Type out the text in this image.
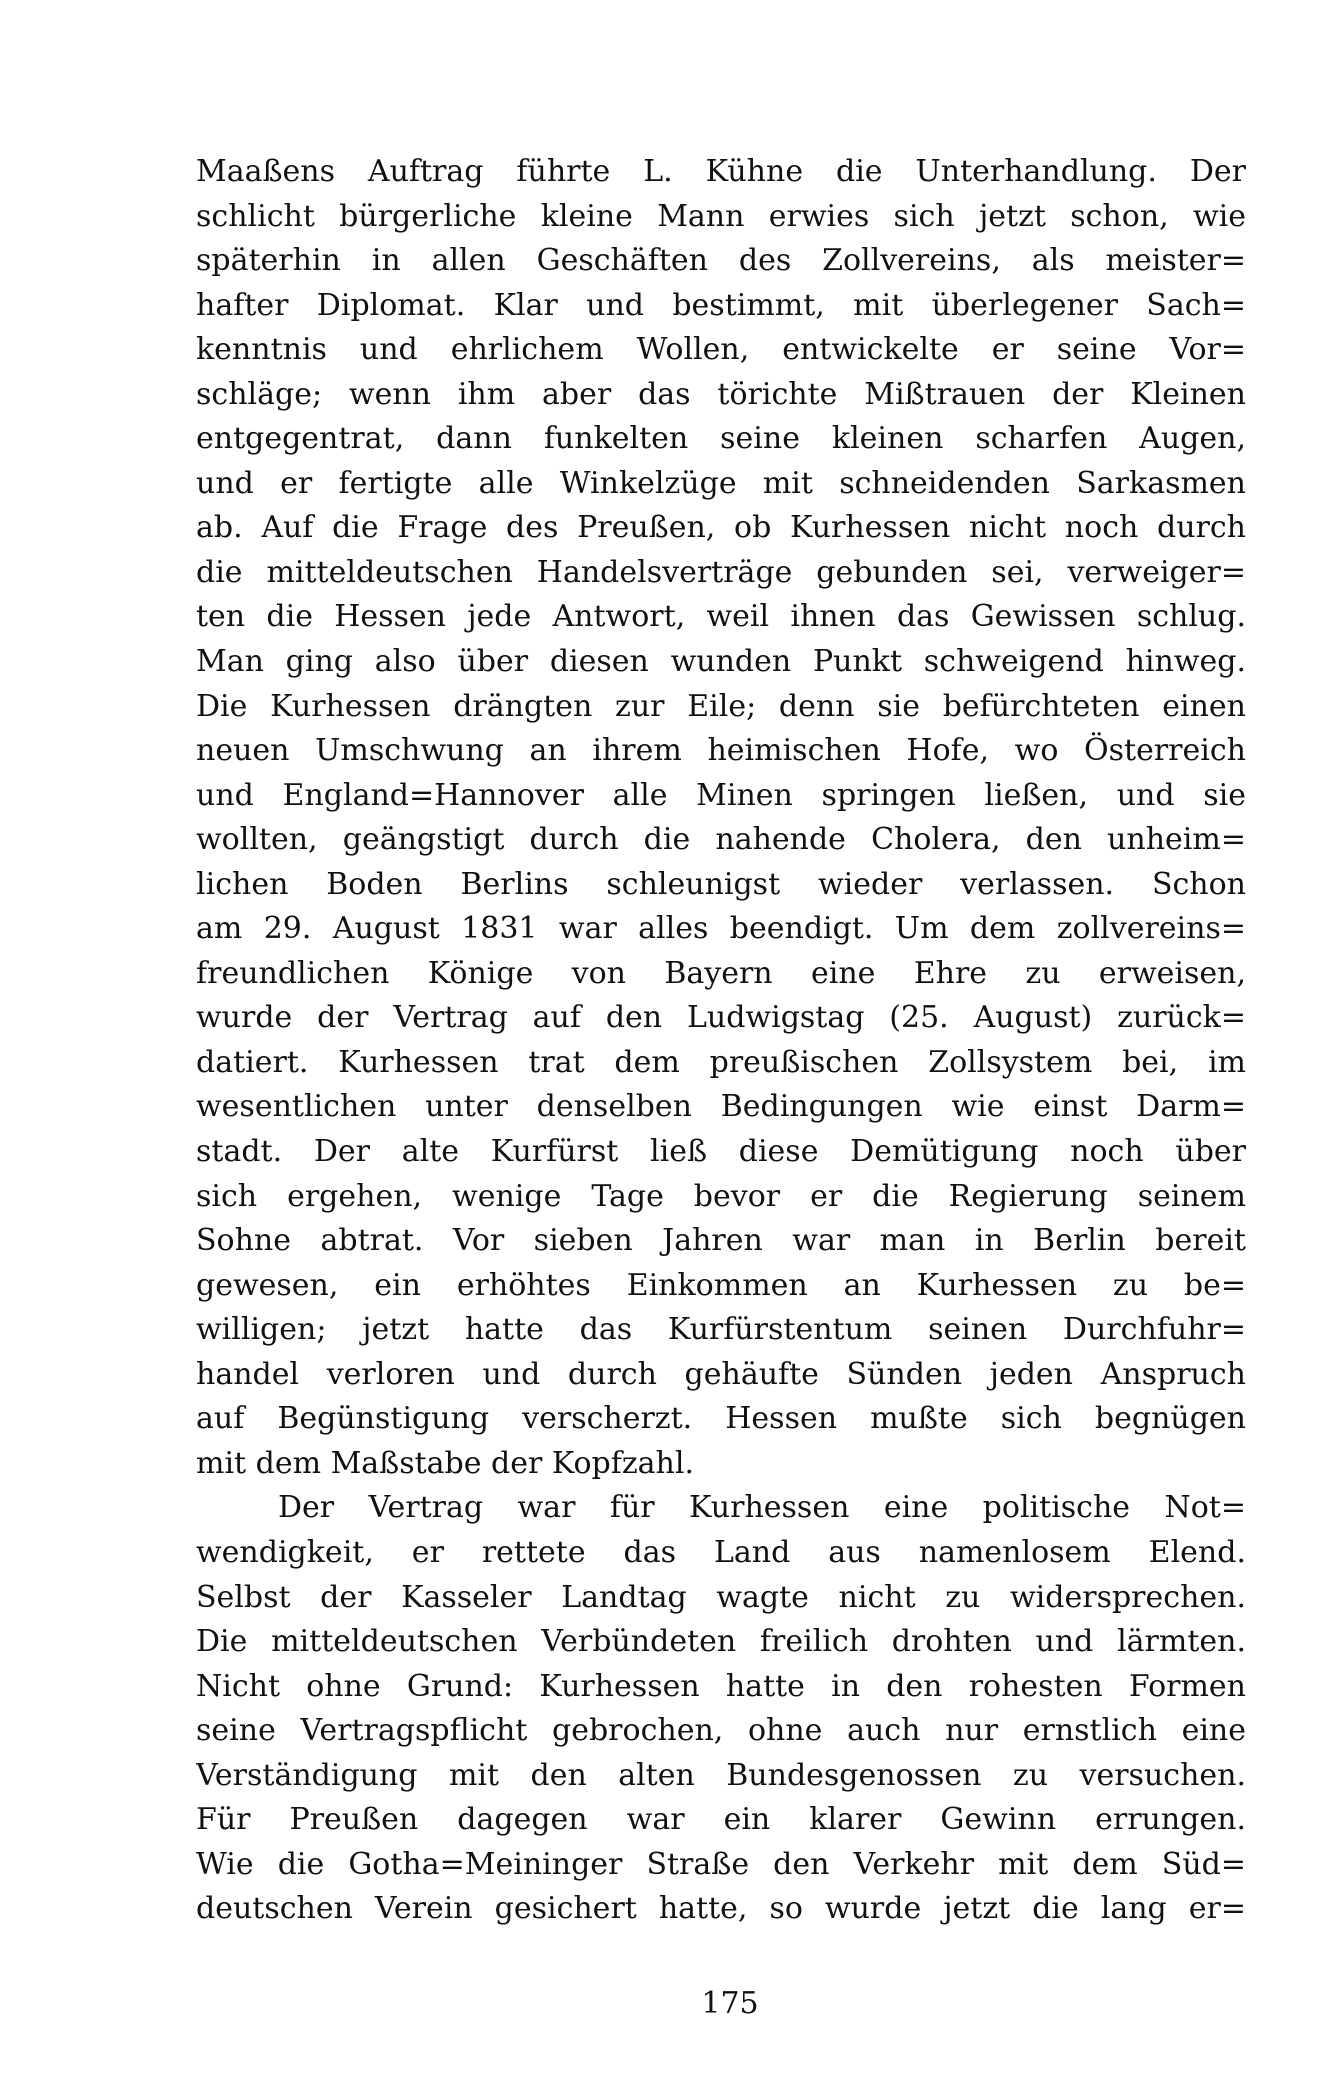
Maaßens Auftrag führte L. Kühne die Unterhandlung. Der
schlicht bürgerliche kleine Mann erwies sich jetzt schon, wie
späterhin in allen Geschäften des Zollvereins, als meister=
hafter Diplomat. Klar und bestimmt, mit überlegener Sach=
kenntnis und ehrlichem Wollen, entwickelte er seine Vor=
schläge; wenn ihm aber das törichte Mißtrauen der Kleinen
entgegentrat, dann funkelten seine kleinen scharfen Augen,
und er fertigte alle Winkelzüge mit schneidenden Sarkasmen
ab. Auf die Frage des Preußen, ob Kurhessen nicht noch durch
die mitteldeutschen Handelsverträge gebunden sei, verweiger=
ten die Hessen jede Antwort, weil ihnen das Gewissen schlug.
Man ging also über diesen wunden Punkt schweigend hinweg.
Die Kurhessen drängten zur Eile; denn sie befürchteten einen
neuen Umschwung an ihrem heimischen Hofe, wo Österreich
und England=Hannover alle Minen springen ließen, und sie
wollten, geängstigt durch die nahende Cholera, den unheim=
lichen Boden Berlins schleunigst wieder verlassen. Schon
am 29. August 1831 war alles beendigt. Um dem zollvereins=
freundlichen Könige von Bayern eine Ehre zu erweisen,
wurde der Vertrag auf den Ludwigstag (25. August) zurück=
datiert. Kurhessen trat dem preußischen Zollsystem bei, im
wesentlichen unter denselben Bedingungen wie einst Darm=
stadt. Der alte Kurfürst ließ diese Demütigung noch über
sich ergehen, wenige Tage bevor er die Regierung seinem
Sohne abtrat. Vor sieben Jahren war man in Berlin bereit
gewesen, ein erhöhtes Einkommen an Kurhessen zu be=
willigen; jetzt hatte das Kurfürstentum seinen Durchfuhr=
handel verloren und durch gehäufte Sünden jeden Anspruch
auf Begünstigung verscherzt. Hessen mußte sich begnügen
mit dem Maßstabe der Kopfzahl.
Der Vertrag war für Kurhessen eine politische Not=
wendigkeit, er rettete das Land aus namenlosem Elend.
Selbst der Kasseler Landtag wagte nicht zu widersprechen.
Die mitteldeutschen Verbündeten freilich drohten und lärmten.
Nicht ohne Grund: Kurhessen hatte in den rohesten Formen
seine Vertragspflicht gebrochen, ohne auch nur ernstlich eine
Verständigung mit den alten Bundesgenossen zu versuchen.
Für Preußen dagegen war ein klarer Gewinn errungen.
Wie die Gotha=Meininger Straße den Verkehr mit dem Süd=
deutschen Verein gesichert hatte, so wurde jetzt die lang er=
175
